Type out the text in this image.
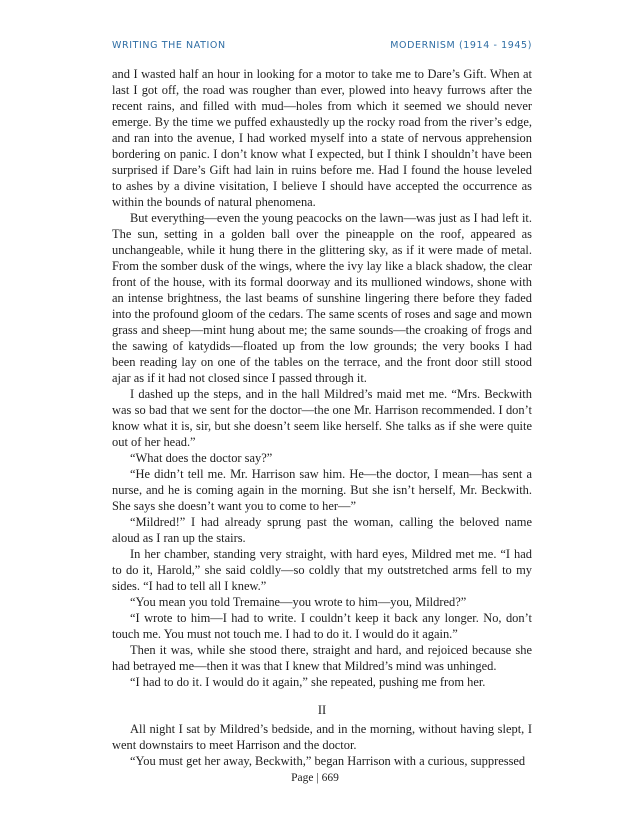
WRITING THE NATION	MODERNISM (1914 - 1945)

and I wasted half an hour in looking for a motor to take me to Dare’s Gift. When at last I got off, the road was rougher than ever, plowed into heavy furrows after the recent rains, and filled with mud—holes from which it seemed we should never emerge. By the time we puffed exhaustedly up the rocky road from the river’s edge, and ran into the avenue, I had worked myself into a state of nervous apprehension bordering on panic. I don’t know what I expected, but I think I shouldn’t have been surprised if Dare’s Gift had lain in ruins before me. Had I found the house leveled to ashes by a divine visitation, I believe I should have accepted the occurrence as within the bounds of natural phenomena.

But everything—even the young peacocks on the lawn—was just as I had left it. The sun, setting in a golden ball over the pineapple on the roof, appeared as unchangeable, while it hung there in the glittering sky, as if it were made of metal. From the somber dusk of the wings, where the ivy lay like a black shadow, the clear front of the house, with its formal doorway and its mullioned windows, shone with an intense brightness, the last beams of sunshine lingering there before they faded into the profound gloom of the cedars. The same scents of roses and sage and mown grass and sheep—mint hung about me; the same sounds—the croaking of frogs and the sawing of katydids—floated up from the low grounds; the very books I had been reading lay on one of the tables on the terrace, and the front door still stood ajar as if it had not closed since I passed through it.

I dashed up the steps, and in the hall Mildred’s maid met me. “Mrs. Beckwith was so bad that we sent for the doctor—the one Mr. Harrison recommended. I don’t know what it is, sir, but she doesn’t seem like herself. She talks as if she were quite out of her head.”

“What does the doctor say?”

“He didn’t tell me. Mr. Harrison saw him. He—the doctor, I mean—has sent a nurse, and he is coming again in the morning. But she isn’t herself, Mr. Beckwith. She says she doesn’t want you to come to her—”

“Mildred!” I had already sprung past the woman, calling the beloved name aloud as I ran up the stairs.

In her chamber, standing very straight, with hard eyes, Mildred met me. “I had to do it, Harold,” she said coldly—so coldly that my outstretched arms fell to my sides. “I had to tell all I knew.”

“You mean you told Tremaine—you wrote to him—you, Mildred?”

“I wrote to him—I had to write. I couldn’t keep it back any longer. No, don’t touch me. You must not touch me. I had to do it. I would do it again.”

Then it was, while she stood there, straight and hard, and rejoiced because she had betrayed me—then it was that I knew that Mildred’s mind was unhinged.

“I had to do it. I would do it again,” she repeated, pushing me from her.

II

All night I sat by Mildred’s bedside, and in the morning, without having slept, I went downstairs to meet Harrison and the doctor.

“You must get her away, Beckwith,” began Harrison with a curious, suppressed

Page | 669
